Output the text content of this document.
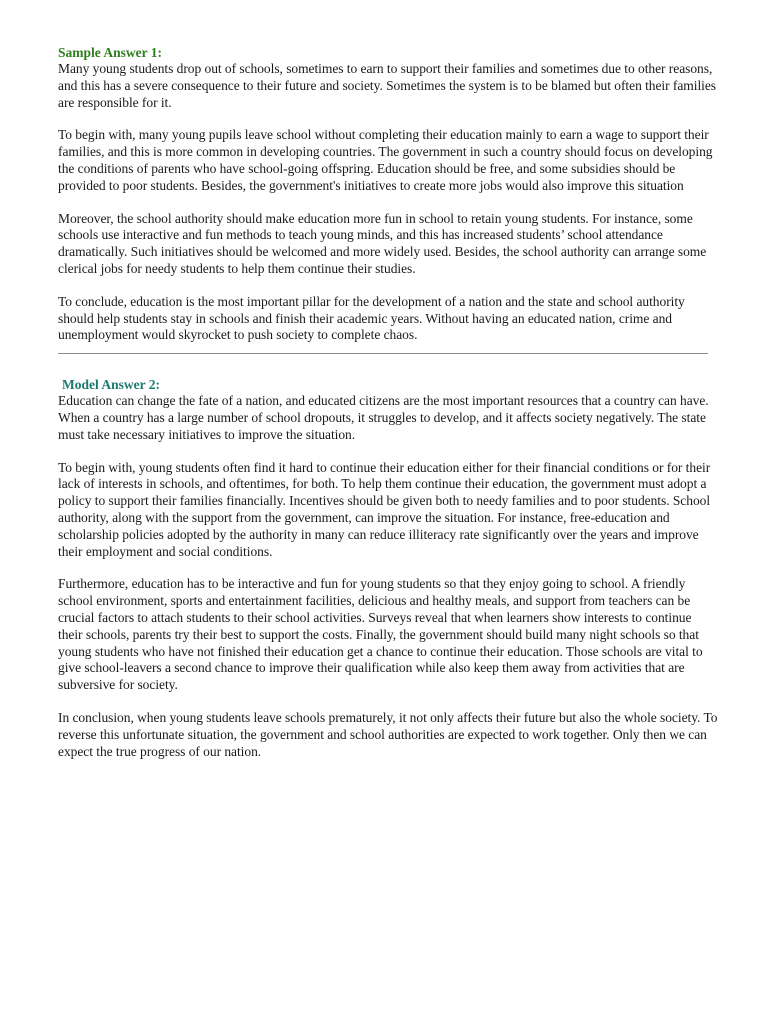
Sample Answer 1:

Many young students drop out of schools, sometimes to earn to support their families and sometimes due to other reasons, and this has a severe consequence to their future and society. Sometimes the system is to be blamed but often their families are responsible for it.

To begin with, many young pupils leave school without completing their education mainly to earn a wage to support their families, and this is more common in developing countries. The government in such a country should focus on developing the conditions of parents who have school-going offspring. Education should be free, and some subsidies should be provided to poor students. Besides, the government's initiatives to create more jobs would also improve this situation

Moreover, the school authority should make education more fun in school to retain young students. For instance, some schools use interactive and fun methods to teach young minds, and this has increased students’ school attendance dramatically. Such initiatives should be welcomed and more widely used. Besides, the school authority can arrange some clerical jobs for needy students to help them continue their studies.

To conclude, education is the most important pillar for the development of a nation and the state and school authority should help students stay in schools and finish their academic years. Without having an educated nation, crime and unemployment would skyrocket to push society to complete chaos.

Model Answer 2:

Education can change the fate of a nation, and educated citizens are the most important resources that a country can have. When a country has a large number of school dropouts, it struggles to develop, and it affects society negatively. The state must take necessary initiatives to improve the situation.

To begin with, young students often find it hard to continue their education either for their financial conditions or for their lack of interests in schools, and oftentimes, for both. To help them continue their education, the government must adopt a policy to support their families financially. Incentives should be given both to needy families and to poor students. School authority, along with the support from the government, can improve the situation. For instance, free-education and scholarship policies adopted by the authority in many can reduce illiteracy rate significantly over the years and improve their employment and social conditions.

Furthermore, education has to be interactive and fun for young students so that they enjoy going to school. A friendly school environment, sports and entertainment facilities, delicious and healthy meals, and support from teachers can be crucial factors to attach students to their school activities. Surveys reveal that when learners show interests to continue their schools, parents try their best to support the costs. Finally, the government should build many night schools so that young students who have not finished their education get a chance to continue their education. Those schools are vital to give school-leavers a second chance to improve their qualification while also keep them away from activities that are subversive for society.

In conclusion, when young students leave schools prematurely, it not only affects their future but also the whole society. To reverse this unfortunate situation, the government and school authorities are expected to work together. Only then we can expect the true progress of our nation.
